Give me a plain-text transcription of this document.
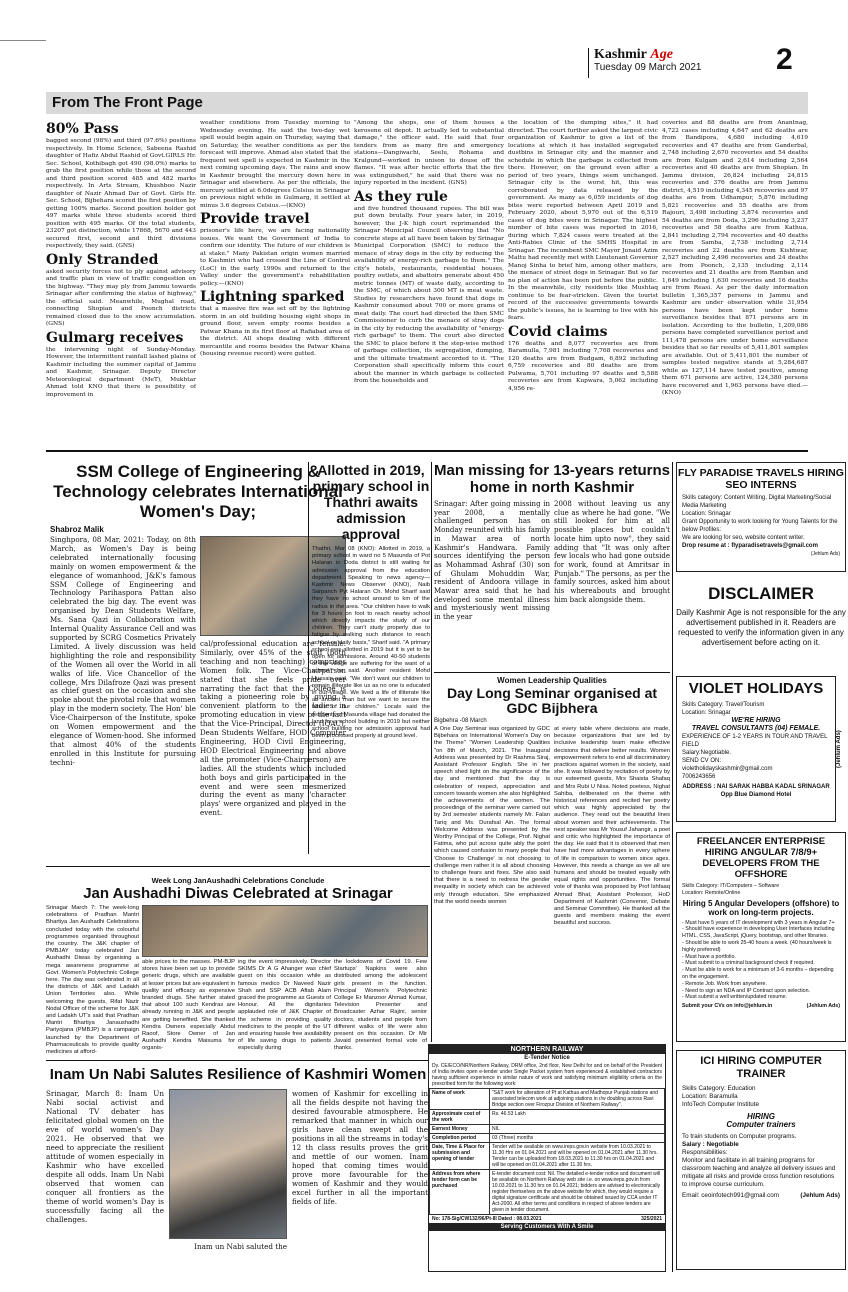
Kashmir Age
Tuesday 09 March 2021	2
From The Front Page
80% Pass
bagged second (98%) and third (97.6%) positions respectively. In Home Science, Sabeena Rashid daughter of Hafiz Abdul Rashid of Govt.GIRLS Hr. Sec. School, Kothibagh got 490 (98.0%) marks to grab the first position while those at the second and third position scored 485 and 482 marks respectively. In Arts Stream, Khushboo Nazir daughter of Nazir Ahmad Dar of Govt. Girls Hr. Sec. School, Bijbehara scored the first position by getting 100% marks. Second position holder got 497 marks while three students scored third position with 495 marks. Of the total students, 23207 got distinction, while 17868, 5670 and 443 secured first, second and third divisions respectively, they said. (GNS)
Only Stranded
asked security forces not to ply against advisory and traffic plan in view of traffic congestion on the highway. "They may ply from Jammu towards Srinagar after confirming the status of highway," the official said. Meanwhile, Mughal road, connecting Shopian and Poonch districts remained closed due to the snow accumulation. (GNS)
Gulmarg receives
the intervening night of Sunday-Monday. However, the intermittent rainfall lashed plains of Kashmir including the summer capital of Jammu and Kashmir, Srinagar. Deputy Director Meteorological department (MeT), Mukhtar Ahmad told KNO that there is possibility of improvement in
weather conditions from Tuesday morning to Wednesday evening. He said the two-day wet spell would begin again on Thursday, saying that on Saturday, the weather conditions as per the forecast will improve. Ahmad also stated that the frequent wet spell is expected in Kashmir in the next coming upcoming days. The rains and snow in Kashmir brought the mercury down here in Srinagar and elsewhere. As per the officials, the mercury settled at 6.0degrees Celsius in Srinagar on previous night while in Gulmarg, it settled at minus 3.6 degrees Celsius.—(KNO)
Provide travel
prisoner's life here, we are facing nationality issues. We want the Government of India to confirm our identity. The future of our children is at stake." Many Pakistan origin women married to Kashmiri who had crossed the Line of Control (LoC) in the early 1990s and returned to the Valley under the government's rehabilitation policy.—(KNO)
Lightning sparked
that a massive fire was set off by the lightning storm in an old building housing eight shops in ground floor, seven empty rooms besides a Patwar Khana in its first floor at Rafiabad area of the district. All shops dealing with different mercantile and rooms besides the Patwar Khana (housing revenue record) were gutted.
"Among the shops, one of them houses a kerosene oil depot. It actually led to substantial damage," the officer said. He said that four tenders from as many fire and emergency stations—Dangiwachi, Seelu, Rohama and Kralgund—worked in unison to douse off the flames. "It was after hectic efforts that the fire was extinguished," he said that there was no injury reported in the incident. (GNS)
As they rule
and five hundred thousand rupees. The bill was put down brutally. Four years later, in 2019, however, the J-K high court reprimanded the Srinagar Municipal Council observing that "No concrete steps at all have been taken by Srinagar Municipal Corporation (SMC) to reduce the menace of stray dogs in the city by reducing the availability of energy-rich garbage to them." The city's hotels, restaurants, residential houses, poultry outlets, and abattoirs generate about 450 metric tonnes (MT) of waste daily, according to the SMC, of which about 300 MT is meat waste. Studies by researchers have found that dogs in Kashmir consumed about 700 or more grams of meat daily. The court had directed the then SMC Commissioner to curb the menace of stray dogs in the city by reducing the availability of "energy-rich garbage" to them. The court also directed the SMC to place before it the step-wise method of garbage collection, its segregation, dumping, and the ultimate treatment accorded to it. "The Corporation shall specifically inform this court about the manner in which garbage is collected from the households and
the location of the dumping sites," it had directed. The court further asked the largest civic organization of Kashmir to give a list of the locations at which it has installed segregated dustbins in Srinagar city and the manner and schedule in which the garbage is collected from there. However, on the ground even after a period of two years, things seem unchanged. Srinagar city is the worst hit, this was corroborated by data released by the government. As many as 6,059 incidents of dog bites were reported between April 2019 and February 2020, about 5,970 out of the 6,519 cases of dog bites were in Srinagar. The highest number of bite cases was reported in 2016, during which 7,824 cases were treated at the Anti-Rabies Clinic of the SMHS Hospital in Srinagar. The incumbent SMC Mayor Junaid Azim Mattu had recently met with Lieutenant Governor Manoj Sinha to brief him, among other matters, the menace of street dogs in Srinagar. But so far no plan of action has been put before the public. In the meanwhile, city residents like Mushtaq continue to be fear-stricken. Given the tourist record of the successive governments towards the public's issues, he is learning to live with his fears.
Covid claims
176 deaths and 8,077 recoveries are from Baramulla, 7,981 including 7,768 recoveries and 120 deaths are from Budgam, 6,892 including 6,759 recoveries and 80 deaths are from Pulwama, 5,701 including 97 deaths and 5,588 recoveries are from Kupwara, 5,062 including 4,956 re-
coveries and 88 deaths are from Anantnag, 4,722 cases including 4,647 and 62 deaths are from Bandipora, 4,680 including 4,619 recoveries and 47 deaths are from Ganderbal, 2,748 including 2,670 recoveries and 54 deaths are from Kulgam and 2,614 including 2,564 recoveries and 40 deaths are from Shopian. In Jammu division, 26,824 including 24,815 recoveries and 376 deaths are from Jammu district, 4,519 including 4,345 recoveries and 97 deaths are from Udhampur, 5,876 including 5,821 recoveries and 55 deaths are from Rajouri, 3,498 including 3,874 recoveries and 54 deaths are from Doda, 3,296 including 3,237 recoveries and 58 deaths are from Kathua, 2,841 including 2,794 recoveries and 40 deaths are from Samba, 2,738 including 2,714 recoveries and 22 deaths are from Kishtwar, 2,527 including 2,496 recoveries and 24 deaths are from Poonch, 2,135 including 2,114 recoveries and 21 deaths are from Ramban and 1,649 including 1,630 recoveries and 16 deaths are from Reasi. As per the daily information bulletin 1,365,357 persons in Jammu and Kashmir are under observation while 31,954 persons have been kept under home surveillance besides that 871 persons are in isolation. According to the bulletin, 1,209,086 persons have completed surveillance period and 111,478 persons are under home surveillance besides that so far results of 5,411,801 samples are available. Out of 5,411,801 the number of samples tested negative stands at 5,284,687 while as 127,114 have tested positive, among them 671 persons are active, 124,380 persons have recovered and 1,963 persons have died.—(KNO)
SSM College of Engineering & Technology celebrates International Women's Day;
Shabroz Malik
Singhpora, 08 Mar, 2021: Today, on 8th March, as Women's Day is being celebrated internationally focusing mainly on women empowerment & the elegance of womanhood, J&K's famous SSM College of Engineering and Technology Parihaspora Pattan also celebrated the big day. The event was organised by Dean Students Welfare, Ms. Sana Qazi in Collaboration with Internal Quality Assurance Cell and was supported by SCRG Cosmetics Privately Limited. A lively discussion was held highlighting the role and responsibility of the Women all over the World in all walks of life. Vice Chancellor of the college, Mrs Dilafroze Qazi was present as chief guest on the occasion and she spoke about the pivotal role that women play in the modern society. The Hon' ble Vice-Chairperson of the Institute, spoke on Women empowerment and the elegance of Women-hood. She informed that almost 40% of the students enrolled in this Institute for pursuing techni-
cal/professional education are female. Similarly, over 45% of the staff (both teaching and non teaching) comprises Women folk. The Vice-Chairperson stated that she feels pride over narrating the fact that the College is taking a pioneering role by giving a convenient platform to the ladies in promoting education in view of the fact that the Vice-Principal, Director (IQAC), Dean Students Welfare, HOD Computer Engineering, HOD Civil Engineering, HOD Electrical Engineering and above all the promoter (Vice-Chairperson) are ladies. All the students which included both boys and girls participated in the event and were seen mesmerized during the event as many 'character plays' were organized and played in the event.
Allotted in 2019, primary school in Thathri awaits admission approval
Thathri, Mar 08 (KNO): Allotted in 2019, a primary school in ward no 5 Masunda of Pot Halaran in Doda district is still waiting for admission approval from the education department. Speaking to news agency—Kashmir News Observer (KNO), Naib Sarpanch Pyt Halaran Ch. Mohd Sharif said they have no school around to km of the radius in the area. "Our children have to walk for 3 hours on foot to reach nearby school which directly impacts the study of our children. They can't study properly due to fatigue by walking such distance to reach school on daily basis," Sharif said. "A primary school was allotted in 2019 but it is yet to be open for admissions. Around 40-50 students of this village are suffering for the want of a school," he said. Another resident Mohd Hussain said, "We don't want our children to remain illiterate like us as no one is educated in our village. We lived a life of illiterate like an ancient man but we want to secure the future of our children." Locals said the residents of Masunda village had donated the land for a school building in 2019 but neither school building nor admission approval had been processed properly at ground level.
Man missing for 13-years returns home in north Kashmir
Srinagar: After going missing in year 2008, a mentally challenged person has on Monday reunited with his family in Mawar area of north Kashmir's Handwara. Family sources identifying the person as Mohammad Ashraf (30) son of Ghulam Mohuddin War, resident of Andoora village in Mawar area said that he had developed some mental illness and mysteriously went missing in the year
2008 without leaving us any clue as where he had gone. "We still looked for him at all possible places but couldn't locate him upto now", they said adding that "It was only after few locals who had gone outside for work, found at Amritsar in Punjab." The persons, as per the family sources, asked him about his whereabouts and brought him back alongside them.
Women Leadership Qualities
Day Long Seminar organised at GDC Bijbhera
Bigbehra -08 March
A One Day Seminar was organized by GDC Bijbehara on International Women's Day on the Theme" "Women Leadership Qualities "on 8th of March, 2021. The Inaugural Address was presented by Dr Rashma Siraj, Assistant Professor English. She in her speech shed light on the significance of the day and mentioned that the day is celebration of respect, appreciation and concern towards women she also highlighted the achievements of the women. The proceedings of the seminar were carried out by 3rd semester students namely Mr. Falan Tariq and Ms. Durafsal Ain. The formal Welcome Address was presented by the Worthy Principal of the College, Prof. Nighat Fatima, who put across quite ably the point which caused confusion to many people that 'Choose to Challenge' is not choosing to challenge men rather it is all about choosing to challenge fears and fixes. She also said that there is a need to redress the gender inequality in society which can be achieved only through education. She emphasized that the world needs women
at every table where decisions are made, because organizations that are led by inclusive leadership team make effective decisions that deliver better results. Women empowerment refers to end all discriminatory practices against women in the society, said she. It was followed by recitation of poetry by our esteemed guests, Mrs Shaista Shafaq and Mrs Rubi U Nisa. Noted poetess, Nighat Sahiba, deliberated on the theme with historical references and recited her poetry which was highly appreciated by the audience. They read out the beautiful lines about women and their achievements. The next speaker was Mr Yousuf Jahangir, a poet and critic who highlighted the importance of the day. He said that it is observed that men have had more advantages in every sphere of life in comparison to women since ages. However, this needs a change as we all are humans and should be treated equally with equal rights and opportunities. The formal vote of thanks was proposed by Prof Ishfaaq Ahmad Bhat, Assistant Professor, HoD Department of Kashmiri (Convenor, Debate and Seminar Committee). He thanked all the guests and members making the event beautiful and success.
Week Long JanAushadhi Celebrations Conclude
Jan Aushadhi Diwas Celebrated at Srinagar
Srinagar March 7: The week-long celebrations of Pradhan Mantri Bhartiya Jan Aushadhi Celebrations concluded today with the colourful programmes organised throughout the country. The J&K chapter of PMBJAY today celebrated Jan Aushadhi Diwas by organising a mega awareness programme at Govt. Women's Polytechnic College here. The day was celebrated in all the districts of J&K and Ladakh Union Territories also. While welcoming the guests, Rifat Nazir Nodal Officer of the scheme for J&K and Ladakh UT's said that Pradhan Mantri Bhartiya Janaushadhi Pariyojana (PMBJP) is a campaign launched by the Department of Pharmaceuticals to provide quality medicines at afford-
able prices to the masses. PM-BJP stores have been set up to provide generic drugs, which are available at lesser prices but are equivalent in quality and efficacy as expensive branded drugs. She further stated that about 100 such Kendras are already running in J&K and people are getting benefited. She thanked Kendra Owners especially Abdul Raoof, Store Owner of Jan Aushadhi Kendra Maisuma for organis-
ing the event impressively. Director SKIMS Dr A G Ahanger was chief guest on this occasion while as famous medico Dr Naveed Nazir Shah and SSP ACB Aftab Alam graced the programme as Guests of Honour. All the dignitaries applauded role of J&K Chapter of the scheme in providing quality medicines to the people of the UT and ensuring hassle free availability of life saving drugs to patients especially during
the lockdowns of Covid 19. Few Startups' Napkins were also distributed among the adolescent girls present in the function. Principal Women's Polytechnic College Er Manzoor Ahmad Kumar, Television Presenter and Broadcaster Azhar Rajini, senior doctors, students and people from different walks of life were also present on this occasion. Dr Mir Javaid presented formal vote of thanks.
Inam Un Nabi Salutes Resilience of Kashmiri Women
Srinagar, March 8: Inam Un Nabi social activist and National TV debater has felicitated global women on the eve of world women's Day 2021. He observed that we need to appreciate the resilient attitude of women especially in Kashmir who have excelled despite all odds. Inam Un Nabi observed that women can conquer all frontiers as the theme of world women's Day is successfully facing all the challenges.
Inam un Nabi saluted the
women of Kashmir for excelling in all the fields despite not having the desired favourable atmosphere. He remarked that manner in which our girls have clean swept all the positions in all the streams in today's 12 th class results proves the grit and mettle of our women. Inam hoped that coming times would prove more favourable for the women of Kashmir and they would excel further in all the important fields of life.
NORTHERN RAILWAY
E-Tender Notice
Dy. CE/ECO/NR/Northern Railway, DRM office, 2nd floor, New Delhi for and on behalf of the President of India invites open e-tender under Single Packet system from experienced & established contractors having sufficient experience in similar nature of work and satisfying minimum eligibility criteria on the prescribed form for the following work:
Name of work	"S&T work for alteration of Pt at Kathua and Madhopur Punjab stations and associated telecom work at adjoining stations in r/w doubling across Ravi Bridge section over Firozpur Division of Northern Railway".
Approximate cost of the work	Rs. 46.53 Lakh
Earnest Money	NIL
Completion period	03 (Three) months
Date, Time & Place for submission and opening of tender	Tender will be available on www.ireps.gov.in website from 10.03.2021 to 11.30 Hrs on 01.04.2021 and will be opened on 01.04.2021 after 11.30 hrs. Tender can be uploaded from 18.03.2021 to 11.30 hrs on 01.04.2021 and will be opened on 01.04.2021 after 11.30 hrs.
Address from where tender form can be purchased	E-tender document cost: Nil. The detailed e-tender notice and document will be available on Northern Railway web site i.e. on www.ireps.gov.in from 10.03.2021 to 11.30 hrs on 01.04.2021; bidders are advised to electronically register themselves on the above website for which, they would require a digital signature certificate and should be obtained issued by CCA under IT Act-2000. All other terms and conditions in respect of above tenders are given in tender document.
No: 178-Sig/CW132/96/Pt-III Dated : 08.03.2021	325/2021
Serving Customers With A Smile
FLY PARADISE TRAVELS HIRING SEO INTERNS
Skills category: Content Writing, Digital Marketing/Social Media Marketing
Location: Srinagar
Grant Opportunity to work looking for Young Talents for the below Profiles:
We are looking for seo, website content writer.
Drop resume at : flyparadisetravels@gmail.com
(Jehlum Ads)
DISCLAIMER
Daily Kashmir Age is not responsible for the any advertisement published in it. Readers are requested to verify the information given in any advertisement before acting on it.
VIOLET HOLIDAYS
Skills Category: Travel/Tourism
Location: Srinagar
WE'RE HIRING
TRAVEL CONSULTANTS (04) FEMALE.
EXPERIENCE OF 1-2 YEARS IN TOUR AND TRAVEL FIELD
Salary:Negotiable.
SEND CV ON:
violetholidayskashmir@gmail.com
7006243656
ADDRESS : NAI SARAK HABBA KADAL SRINAGAR Opp Blue Diamond Hotel
(Jehlum Ads)
FREELANCER ENTERPRISE HIRING ANGULAR 7/8/9+ DEVELOPERS FROM THE OFFSHORE
Skills Category: IT/Computers – Software
Location: Remote/Online
Hiring 5 Angular Developers (offshore) to work on long-term projects.
- Must have 5 years of IT development with 3 years in Angular 7+
- Should have experience in developing User Interfaces including HTML, CSS, JavaScript, jQuery, bootstrap, and other libraries.
- Should be able to work 25-40 hours a week. (40 hours/week is highly preferred)
- Must have a portfolio.
- Must submit to a criminal background check if required.
- Must be able to work for a minimum of 3-6 months – depending on the engagement.
- Remote Job. Work from anywhere.
- Need to sign an NDA and IP Contract upon selection.
- Must submit a well written/updated resume.
Submit your CVs on info@jehlum.in	(Jehlum Ads)
ICI HIRING COMPUTER TRAINER
Skills Category: Education
Location: Baramulla
InfoTech Computer Institute
HIRING
Computer trainers
To train students on Computer programs.
Salary : Negotiable
Responsibilities:
Monitor and facilitate in all training programs for classroom teaching and analyze all delivery issues and mitigate all risks and provide cross function resolutions to improve course curriculum.
Email: ceoinfotech991@gmail.com	(Jehlum Ads)
